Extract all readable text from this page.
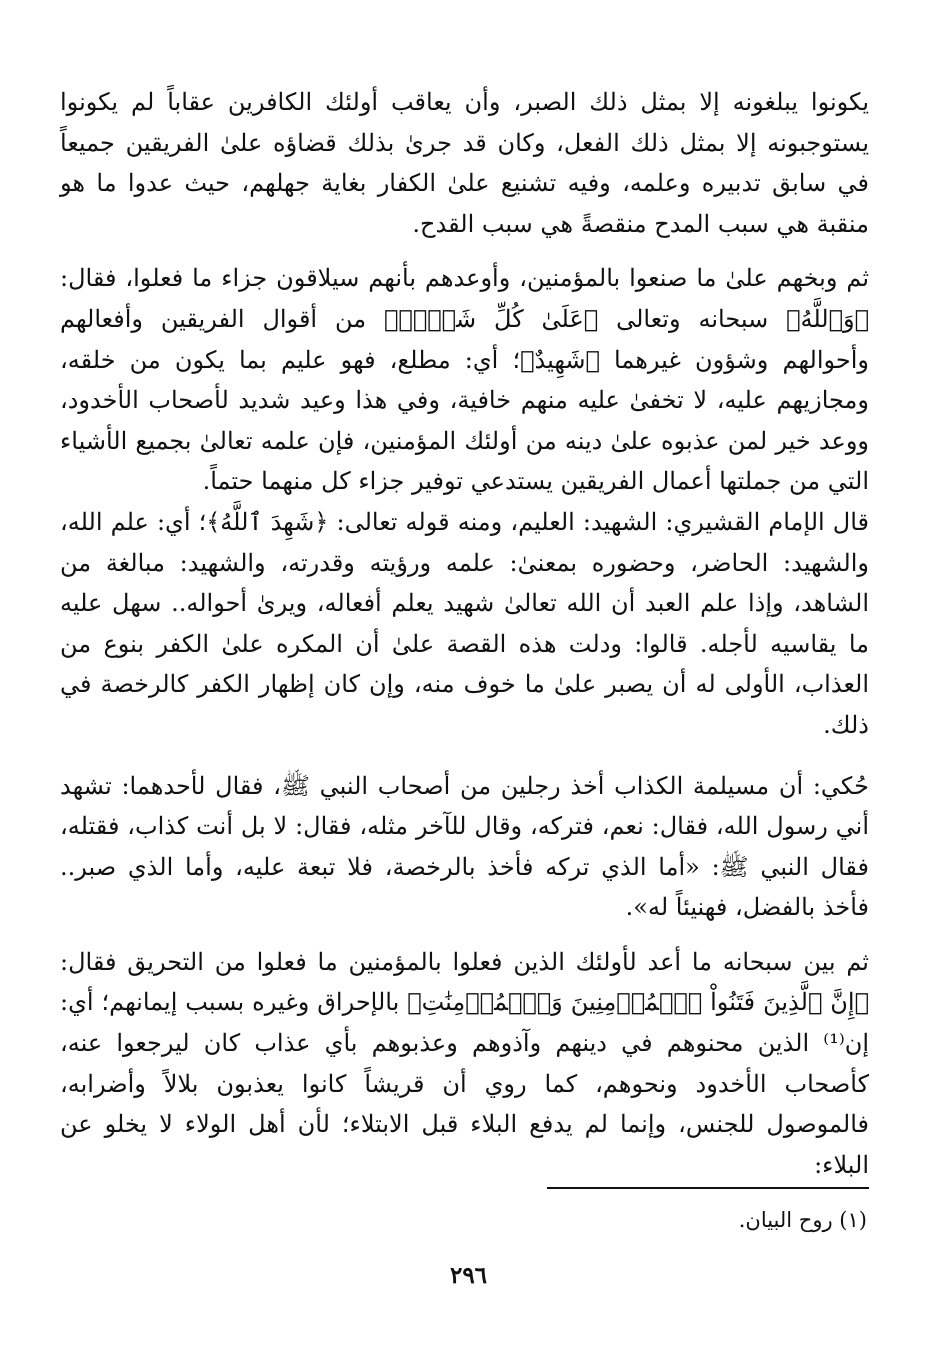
يكونوا يبلغونه إلا بمثل ذلك الصبر، وأن يعاقب أولئك الكافرين عقاباً لم يكونوا يستوجبونه إلا بمثل ذلك الفعل، وكان قد جرىٰ بذلك قضاؤه علىٰ الفريقين جميعاً في سابق تدبيره وعلمه، وفيه تشنيع علىٰ الكفار بغاية جهلهم، حيث عدوا ما هو منقبة هي سبب المدح منقصةً هي سبب القدح.

ثم وبخهم علىٰ ما صنعوا بالمؤمنين، وأوعدهم بأنهم سيلاقون جزاء ما فعلوا، فقال: ﴿وَٱللَّهُ﴾ سبحانه وتعالى ﴿عَلَىٰ كُلِّ شَيۡءٖ﴾ من أقوال الفريقين وأفعالهم وأحوالهم وشؤون غيرهما ﴿شَهِيدٌ﴾؛ أي: مطلع، فهو عليم بما يكون من خلقه، ومجازيهم عليه، لا تخفىٰ عليه منهم خافية، وفي هذا وعيد شديد لأصحاب الأخدود، ووعد خير لمن عذبوه علىٰ دينه من أولئك المؤمنين، فإن علمه تعالىٰ بجميع الأشياء التي من جملتها أعمال الفريقين يستدعي توفير جزاء كل منهما حتماً.

قال الإمام القشيري: الشهيد: العليم، ومنه قوله تعالى: ﴿شَهِدَ ٱللَّهُ﴾؛ أي: علم الله، والشهيد: الحاضر، وحضوره بمعنىٰ: علمه ورؤيته وقدرته، والشهيد: مبالغة من الشاهد، وإذا علم العبد أن الله تعالىٰ شهيد يعلم أفعاله، ويرىٰ أحواله.. سهل عليه ما يقاسيه لأجله. قالوا: ودلت هذه القصة علىٰ أن المكره علىٰ الكفر بنوع من العذاب، الأولى له أن يصبر علىٰ ما خوف منه، وإن كان إظهار الكفر كالرخصة في ذلك.

حُكي: أن مسيلمة الكذاب أخذ رجلين من أصحاب النبي ﷺ، فقال لأحدهما: تشهد أني رسول الله، فقال: نعم، فتركه، وقال للآخر مثله، فقال: لا بل أنت كذاب، فقتله، فقال النبي ﷺ: «أما الذي تركه فأخذ بالرخصة، فلا تبعة عليه، وأما الذي صبر.. فأخذ بالفضل، فهنيئاً له».

ثم بين سبحانه ما أعد لأولئك الذين فعلوا بالمؤمنين ما فعلوا من التحريق فقال: ﴿إِنَّ ٱلَّذِينَ فَتَنُواْ ٱلۡمُؤۡمِنِينَ وَٱلۡمُؤۡمِنَٰتِ﴾ بالإحراق وغيره بسبب إيمانهم؛ أي: إن⁽¹⁾ الذين محنوهم في دينهم وآذوهم وعذبوهم بأي عذاب كان ليرجعوا عنه، كأصحاب الأخدود ونحوهم، كما روي أن قريشاً كانوا يعذبون بلالاً وأضرابه، فالموصول للجنس، وإنما لم يدفع البلاء قبل الابتلاء؛ لأن أهل الولاء لا يخلو عن البلاء:

(١) روح البيان.

٢٩٦
